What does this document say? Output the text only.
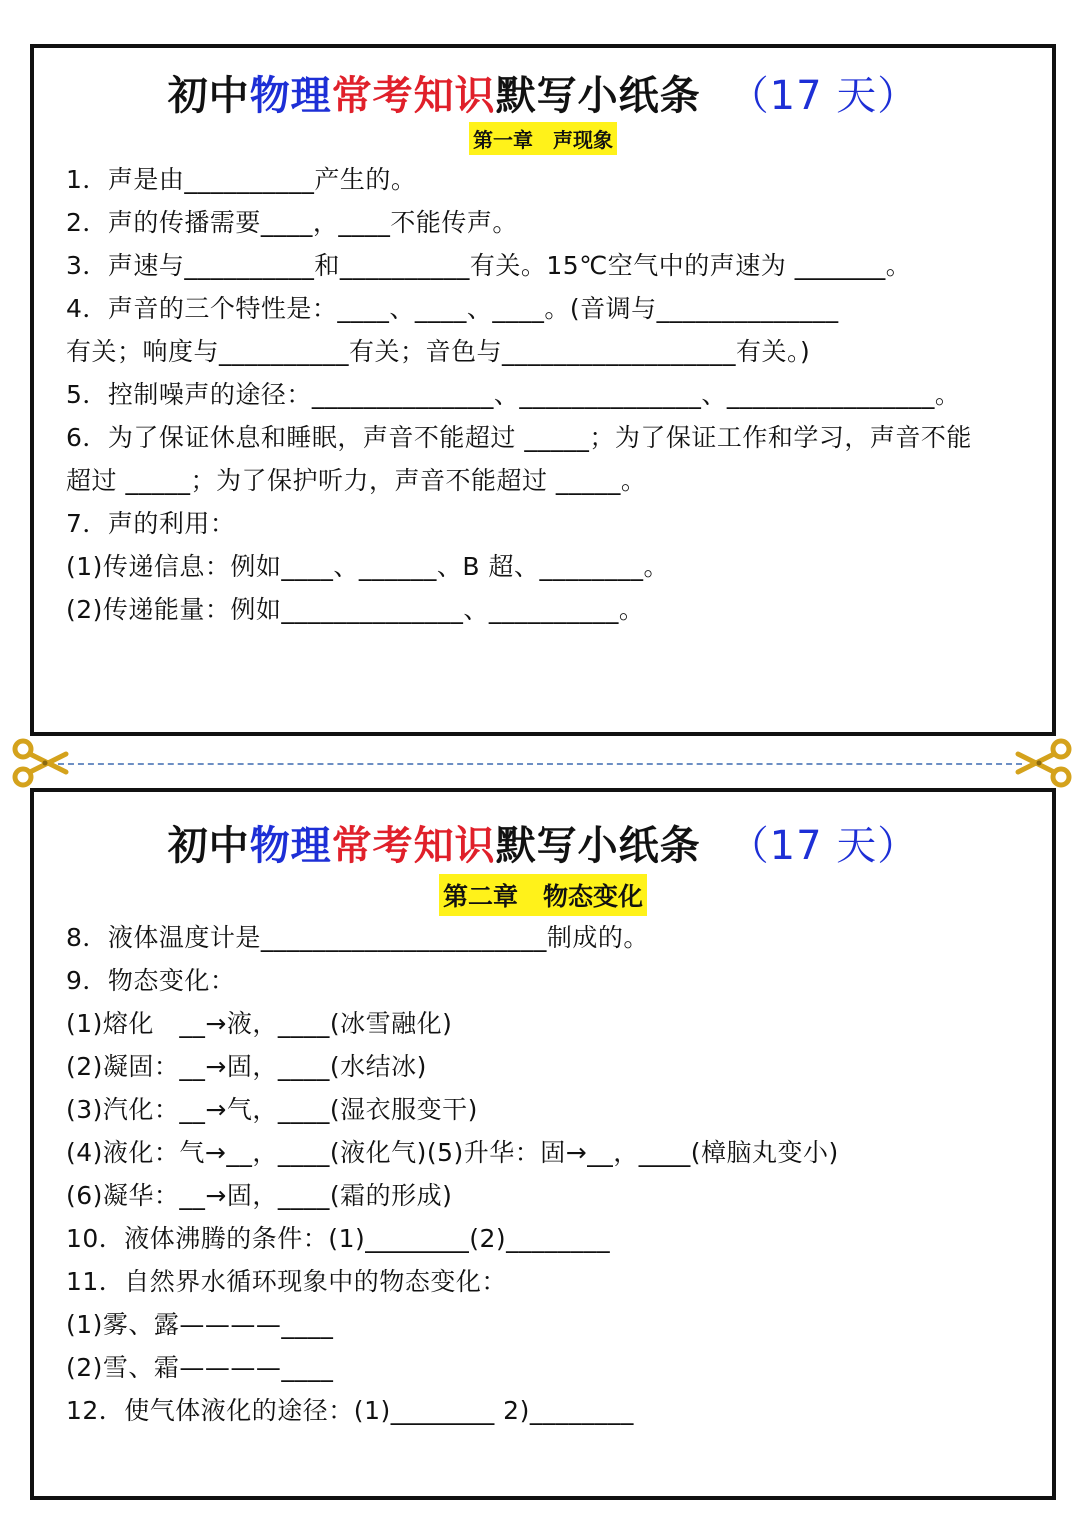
初中物理常考知识默写小纸条 （17 天）
第一章　声现象
1．声是由__________产生的。
2．声的传播需要____，____不能传声。
3．声速与__________和__________有关。15℃空气中的声速为 _______。
4．声音的三个特性是：____、____、____。(音调与______________
有关；响度与__________有关；音色与__________________有关。)
5．控制噪声的途径：______________、______________、________________。
6．为了保证休息和睡眠，声音不能超过 _____；为了保证工作和学习，声音不能
超过 _____；为了保护听力，声音不能超过 _____。
7．声的利用：
(1)传递信息：例如____、______、B 超、________。
(2)传递能量：例如______________、__________。
初中物理常考知识默写小纸条 （17 天）
第二章　物态变化
8．液体温度计是______________________制成的。
9．物态变化：
(1)熔化　__→液，____(冰雪融化)
(2)凝固：__→固，____(水结冰)
(3)汽化：__→气，____(湿衣服变干)
(4)液化：气→__，____(液化气)(5)升华：固→__，____(樟脑丸变小)
(6)凝华：__→固，____(霜的形成)
10．液体沸腾的条件：(1)________(2)________
11．自然界水循环现象中的物态变化：
(1)雾、露————____
(2)雪、霜————____
12．使气体液化的途径：(1)________ 2)________
